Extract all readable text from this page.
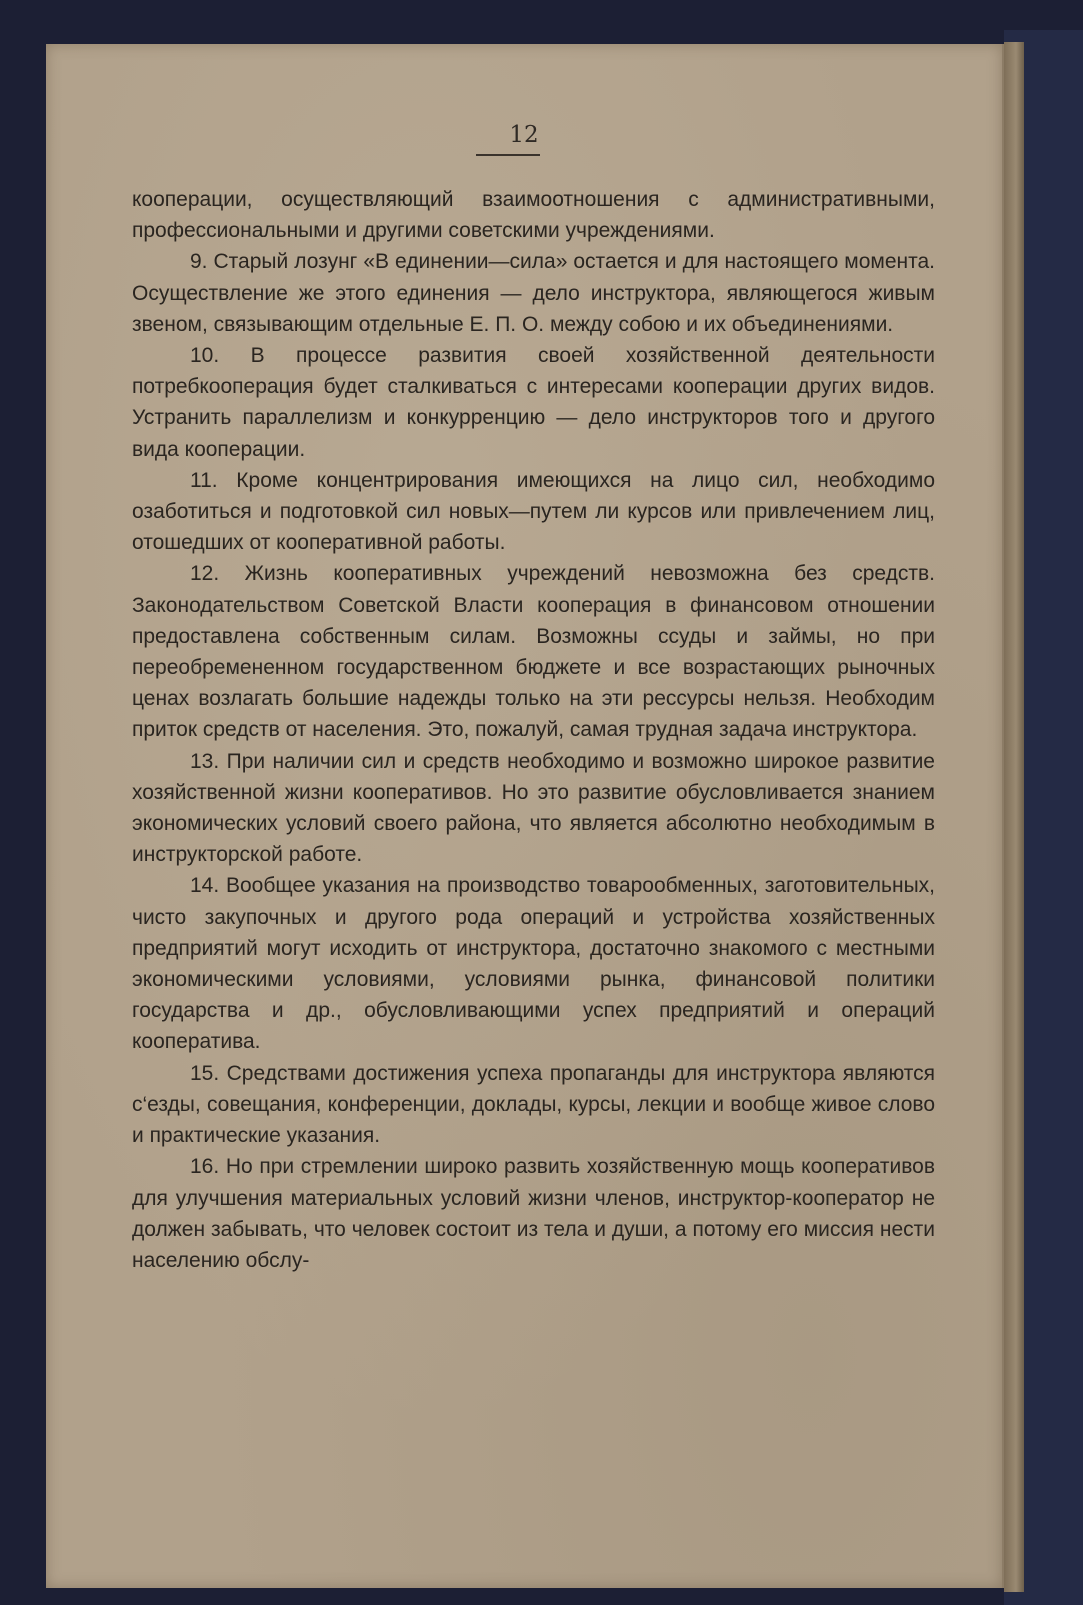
12

кооперации, осуществляющий взаимоотношения с административными, профессиональными и другими советскими учреждениями.

9. Старый лозунг «В единении—сила» остается и для настоящего момента. Осуществление же этого единения — дело инструктора, являющегося живым звеном, связывающим отдельные Е. П. О. между собою и их объединениями.

10. В процессе развития своей хозяйственной деятельности потребкооперация будет сталкиваться с интересами кооперации других видов. Устранить параллелизм и конкурренцию — дело инструкторов того и другого вида кооперации.

11. Кроме концентрирования имеющихся на лицо сил, необходимо озаботиться и подготовкой сил новых—путем ли курсов или привлечением лиц, отошедших от кооперативной работы.

12. Жизнь кооперативных учреждений невозможна без средств. Законодательством Советской Власти кооперация в финансовом отношении предоставлена собственным силам. Возможны ссуды и займы, но при переобремененном государственном бюджете и все возрастающих рыночных ценах возлагать большие надежды только на эти рессурсы нельзя. Необходим приток средств от населения. Это, пожалуй, самая трудная задача инструктора.

13. При наличии сил и средств необходимо и возможно широкое развитие хозяйственной жизни кооперативов. Но это развитие обусловливается знанием экономических условий своего района, что является абсолютно необходимым в инструкторской работе.

14. Вообщее указания на производство товарообменных, заготовительных, чисто закупочных и другого рода операций и устройства хозяйственных предприятий могут исходить от инструктора, достаточно знакомого с местными экономическими условиями, условиями рынка, финансовой политики государства и др., обусловливающими успех предприятий и операций кооператива.

15. Средствами достижения успеха пропаганды для инструктора являются с‘езды, совещания, конференции, доклады, курсы, лекции и вообще живое слово и практические указания.

16. Но при стремлении широко развить хозяйственную мощь кооперативов для улучшения материальных условий жизни членов, инструктор-кооператор не должен забывать, что человек состоит из тела и души, а потому его миссия нести населению обслу-
